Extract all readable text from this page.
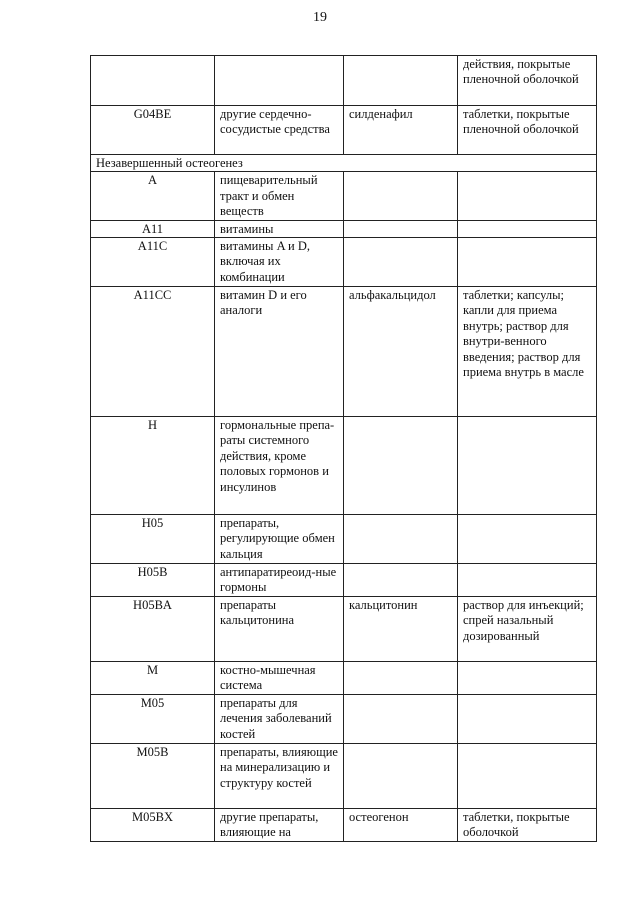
19
			действия, покрытые пленочной оболочкой
G04BE	другие сердечно-сосудистые средства	силденафил	таблетки, покрытые пленочной оболочкой
Незавершенный остеогенез			
A	пищеварительный тракт и обмен веществ		
A11	витамины		
A11C	витамины A и D, включая их комбинации		
A11CC	витамин D и его аналоги	альфакальцидол	таблетки; капсулы; капли для приема внутрь; раствор для внутри-венного введения; раствор для приема внутрь в масле
H	гормональные препа-раты системного действия, кроме половых гормонов и инсулинов		
H05	препараты, регулирующие обмен кальция		
H05B	антипаратиреоид-ные гормоны		
H05BA	препараты кальцитонина	кальцитонин	раствор для инъекций; спрей назальный дозированный
M	костно-мышечная система		
M05	препараты для лечения заболеваний костей		
M05B	препараты, влияющие на минерализацию и структуру костей		
M05BX	другие препараты, влияющие на	остеогенон	таблетки, покрытые оболочкой
